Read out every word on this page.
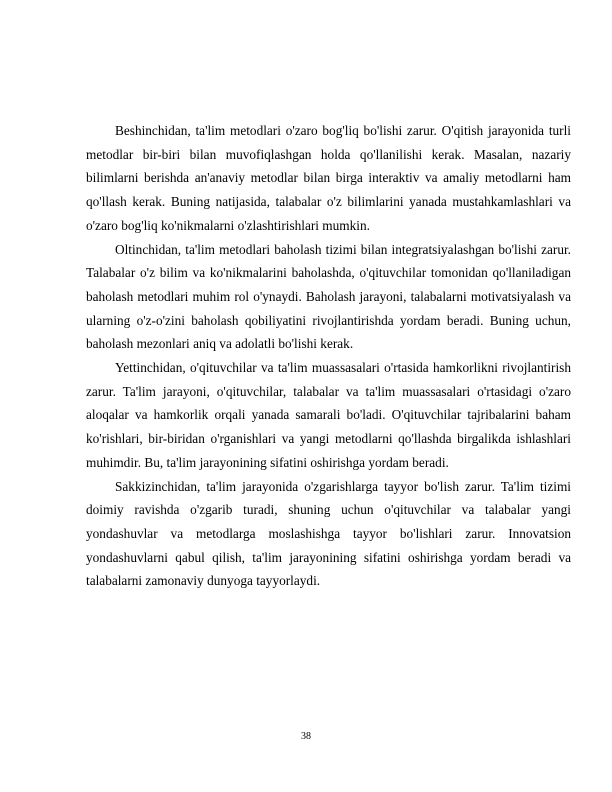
Beshinchidan, ta'lim metodlari o'zaro bog'liq bo'lishi zarur. O'qitish jarayonida turli metodlar bir-biri bilan muvofiqlashgan holda qo'llanilishi kerak. Masalan, nazariy bilimlarni berishda an'anaviy metodlar bilan birga interaktiv va amaliy metodlarni ham qo'llash kerak. Buning natijasida, talabalar o'z bilimlarini yanada mustahkamlashlari va o'zaro bog'liq ko'nikmalarni o'zlashtirishlari mumkin.

Oltinchidan, ta'lim metodlari baholash tizimi bilan integratsiyalashgan bo'lishi zarur. Talabalar o'z bilim va ko'nikmalarini baholashda, o'qituvchilar tomonidan qo'llaniladigan baholash metodlari muhim rol o'ynaydi. Baholash jarayoni, talabalarni motivatsiyalash va ularning o'z-o'zini baholash qobiliyatini rivojlantirishda yordam beradi. Buning uchun, baholash mezonlari aniq va adolatli bo'lishi kerak.

Yettinchidan, o'qituvchilar va ta'lim muassasalari o'rtasida hamkorlikni rivojlantirish zarur. Ta'lim jarayoni, o'qituvchilar, talabalar va ta'lim muassasalari o'rtasidagi o'zaro aloqalar va hamkorlik orqali yanada samarali bo'ladi. O'qituvchilar tajribalarini baham ko'rishlari, bir-biridan o'rganishlari va yangi metodlarni qo'llashda birgalikda ishlashlari muhimdir. Bu, ta'lim jarayonining sifatini oshirishga yordam beradi.

Sakkizinchidan, ta'lim jarayonida o'zgarishlarga tayyor bo'lish zarur. Ta'lim tizimi doimiy ravishda o'zgarib turadi, shuning uchun o'qituvchilar va talabalar yangi yondashuvlar va metodlarga moslashishga tayyor bo'lishlari zarur. Innovatsion yondashuvlarni qabul qilish, ta'lim jarayonining sifatini oshirishga yordam beradi va talabalarni zamonaviy dunyoga tayyorlaydi.

38
